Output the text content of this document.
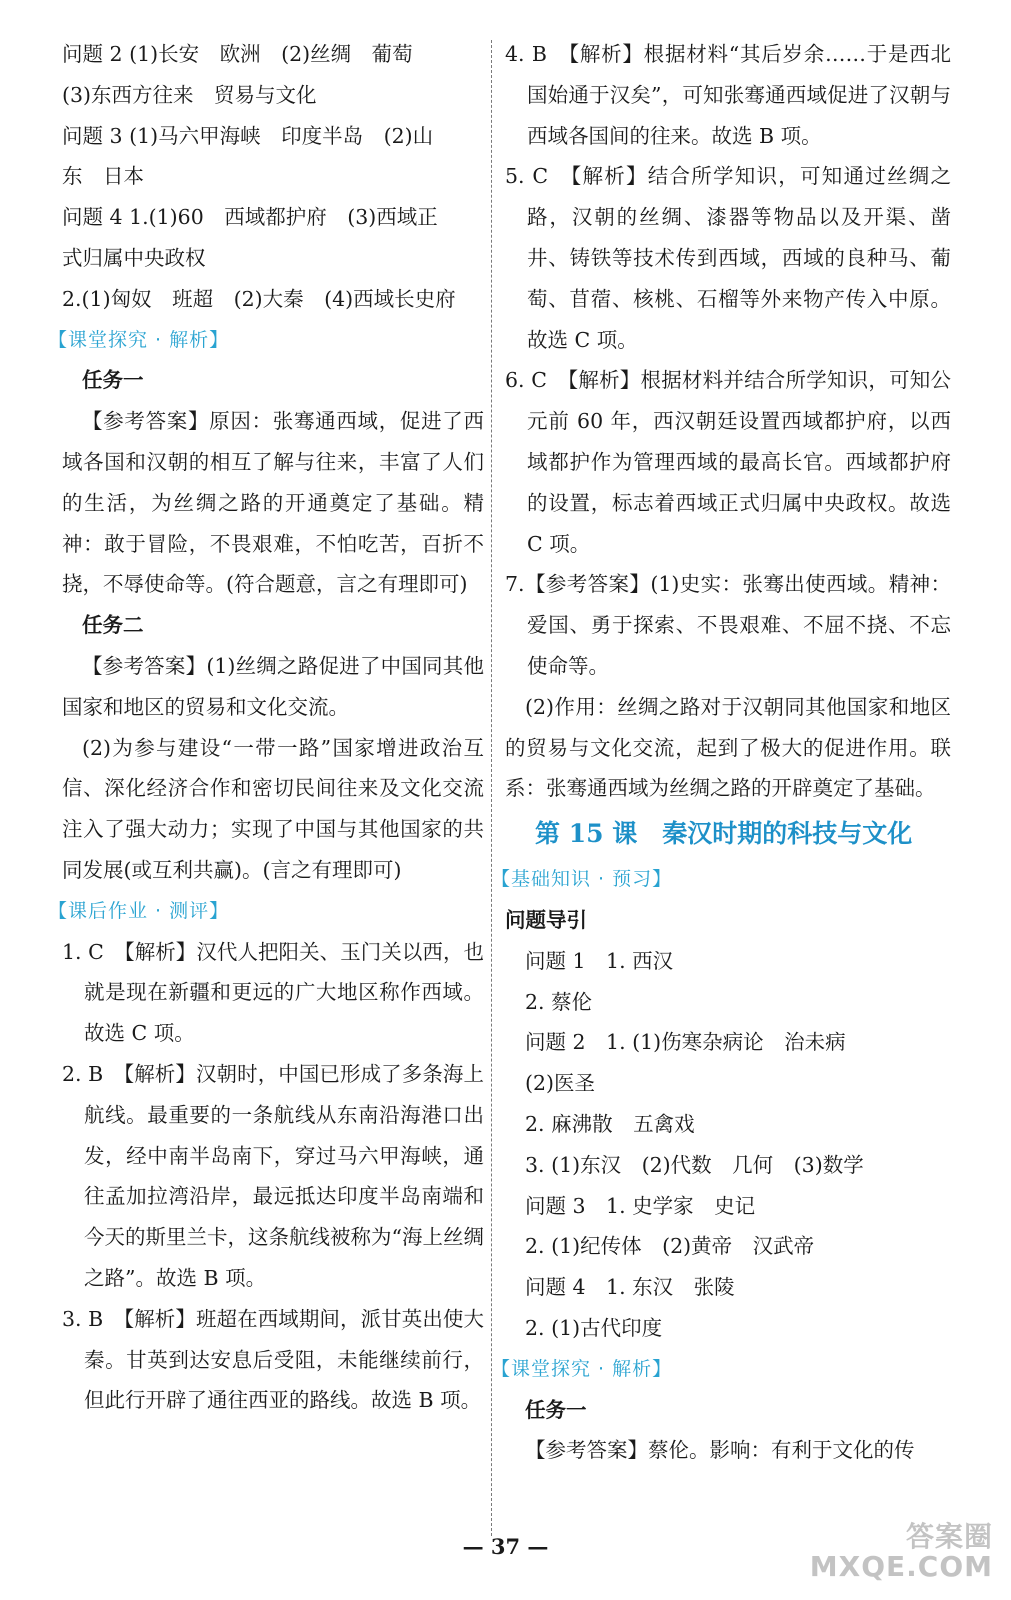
问题 2 (1)长安　欧洲　(2)丝绸　葡萄

(3)东西方往来　贸易与文化

问题 3 (1)马六甲海峡　印度半岛　(2)山

东　日本

问题 4 1.(1)60　西域都护府　(3)西域正

式归属中央政权

2.(1)匈奴　班超　(2)大秦　(4)西域长史府

【课堂探究 · 解析】

任务一

【参考答案】原因：张骞通西域，促进了西域各国和汉朝的相互了解与往来，丰富了人们的生活，为丝绸之路的开通奠定了基础。精神：敢于冒险，不畏艰难，不怕吃苦，百折不挠，不辱使命等。(符合题意，言之有理即可)

任务二

【参考答案】(1)丝绸之路促进了中国同其他国家和地区的贸易和文化交流。

(2)为参与建设“一带一路”国家增进政治互信、深化经济合作和密切民间往来及文化交流注入了强大动力；实现了中国与其他国家的共同发展(或互利共赢)。(言之有理即可)

【课后作业 · 测评】

1. C　【解析】汉代人把阳关、玉门关以西，也就是现在新疆和更远的广大地区称作西域。故选 C 项。

2. B　【解析】汉朝时，中国已形成了多条海上航线。最重要的一条航线从东南沿海港口出发，经中南半岛南下，穿过马六甲海峡，通往孟加拉湾沿岸，最远抵达印度半岛南端和今天的斯里兰卡，这条航线被称为“海上丝绸之路”。故选 B 项。

3. B　【解析】班超在西域期间，派甘英出使大秦。甘英到达安息后受阻，未能继续前行，但此行开辟了通往西亚的路线。故选 B 项。

4. B　【解析】根据材料“其后岁余……于是西北国始通于汉矣”，可知张骞通西域促进了汉朝与西域各国间的往来。故选 B 项。

5. C　【解析】结合所学知识，可知通过丝绸之路，汉朝的丝绸、漆器等物品以及开渠、凿井、铸铁等技术传到西域，西域的良种马、葡萄、苜蓿、核桃、石榴等外来物产传入中原。故选 C 项。

6. C　【解析】根据材料并结合所学知识，可知公元前 60 年，西汉朝廷设置西域都护府，以西域都护作为管理西域的最高长官。西域都护府的设置，标志着西域正式归属中央政权。故选 C 项。

7.【参考答案】(1)史实：张骞出使西域。精神：爱国、勇于探索、不畏艰难、不屈不挠、不忘使命等。

(2)作用：丝绸之路对于汉朝同其他国家和地区的贸易与文化交流，起到了极大的促进作用。联系：张骞通西域为丝绸之路的开辟奠定了基础。

第 15 课　秦汉时期的科技与文化

【基础知识 · 预习】

问题导引

问题 1　1. 西汉

2. 蔡伦

问题 2　1. (1)伤寒杂病论　治未病

(2)医圣

2. 麻沸散　五禽戏

3. (1)东汉　(2)代数　几何　(3)数学

问题 3　1. 史学家　史记

2. (1)纪传体　(2)黄帝　汉武帝

问题 4　1. 东汉　张陵

2. (1)古代印度

【课堂探究 · 解析】

任务一

【参考答案】蔡伦。影响：有利于文化的传

— 37 —	答案圈
MXQE.COM
